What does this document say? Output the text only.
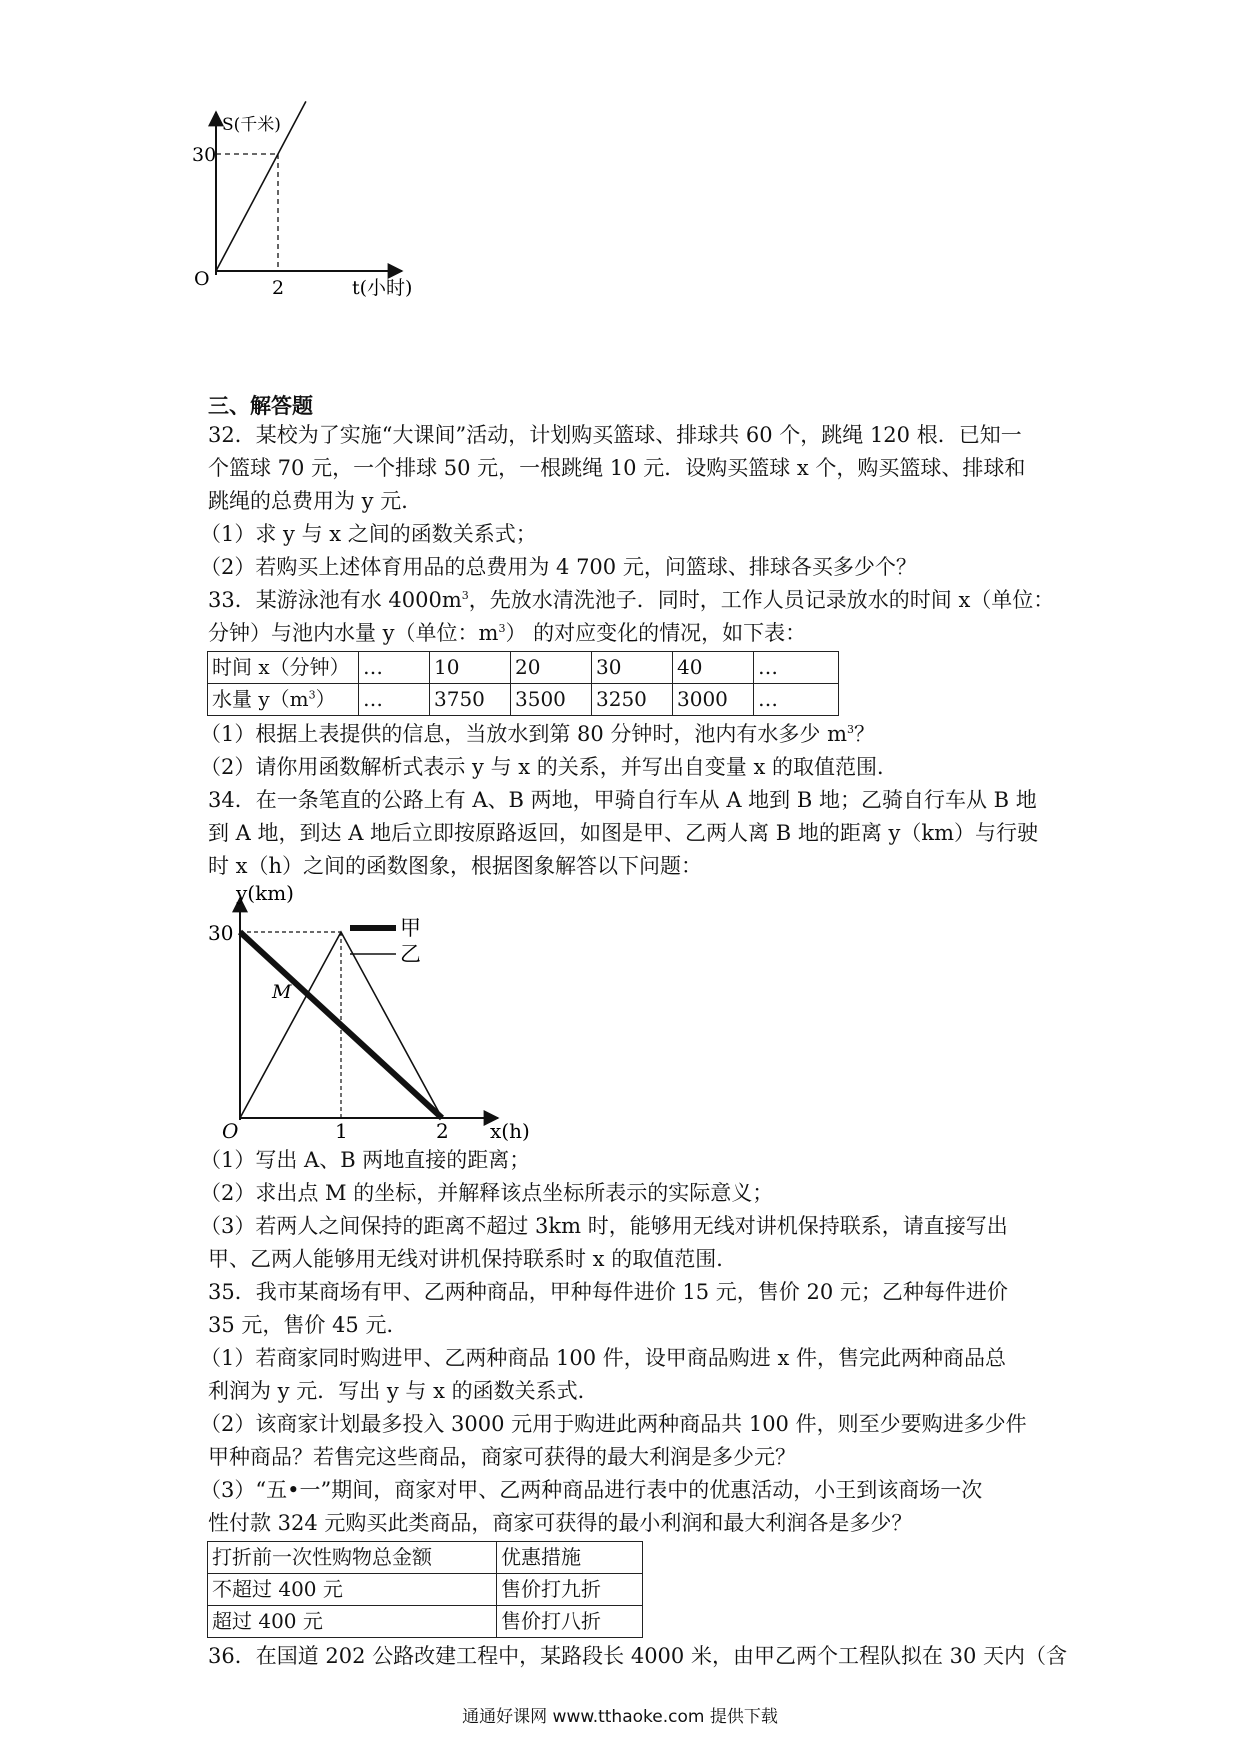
S(千米)
t(小时)
O
30
2
三、解答题
32．某校为了实施“大课间”活动，计划购买篮球、排球共 60 个，跳绳 120 根．已知一
个篮球 70 元，一个排球 50 元，一根跳绳 10 元．设购买篮球 x 个，购买篮球、排球和
跳绳的总费用为 y 元．
（1）求 y 与 x 之间的函数关系式；
（2）若购买上述体育用品的总费用为 4 700 元，问篮球、排球各买多少个？
33．某游泳池有水 $4000m^3$，先放水清洗池子．同时，工作人员记录放水的时间 x（单位：
分钟）与池内水量 y（单位：$m^3$） 的对应变化的情况，如下表：
时间 x（分钟）	…	10	20	30	40	…
水量 $y(m^3)$	…	3750	3500	3250	3000	…
（1）根据上表提供的信息，当放水到第 80 分钟时，池内有水多少 $m^3$？
（2）请你用函数解析式表示 y 与 x 的关系，并写出自变量 x 的取值范围．
34．在一条笔直的公路上有 A、B 两地，甲骑自行车从 A 地到 B 地；乙骑自行车从 B 地
到 A 地，到达 A 地后立即按原路返回，如图是甲、乙两人离 B 地的距离 y（km）与行驶
时 x（h）之间的函数图象，根据图象解答以下问题：
y(km)
x(h)
O
30
1	2
M
甲
乙
（1）写出 A、B 两地直接的距离；
（2）求出点 M 的坐标，并解释该点坐标所表示的实际意义；
（3）若两人之间保持的距离不超过 3km 时，能够用无线对讲机保持联系，请直接写出
甲、乙两人能够用无线对讲机保持联系时 x 的取值范围．
35．我市某商场有甲、乙两种商品，甲种每件进价 15 元，售价 20 元；乙种每件进价
35 元，售价 45 元．
（1）若商家同时购进甲、乙两种商品 100 件，设甲商品购进 x 件，售完此两种商品总
利润为 y 元．写出 y 与 x 的函数关系式．
（2）该商家计划最多投入 3000 元用于购进此两种商品共 100 件，则至少要购进多少件
甲种商品？若售完这些商品，商家可获得的最大利润是多少元？
（3）“五•一”期间，商家对甲、乙两种商品进行表中的优惠活动，小王到该商场一次
性付款 324 元购买此类商品，商家可获得的最小利润和最大利润各是多少？
打折前一次性购物总金额	优惠措施
不超过 400 元	售价打九折
超过 400 元	售价打八折
36．在国道 202 公路改建工程中，某路段长 4000 米，由甲乙两个工程队拟在 30 天内（含
通通好课网 www.tthaoke.com 提供下载
